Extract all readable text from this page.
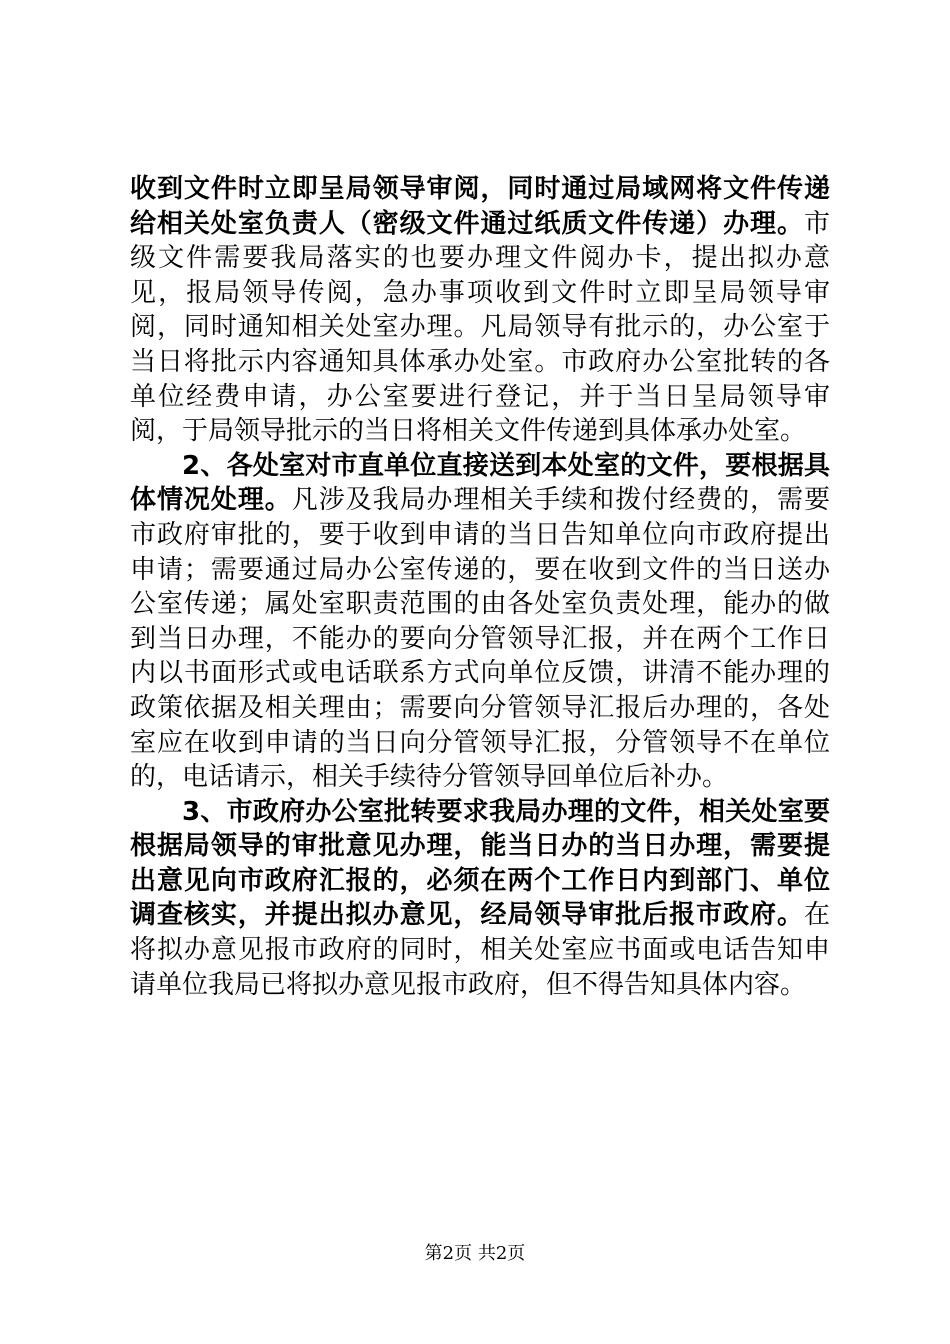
收到文件时立即呈局领导审阅，同时通过局域网将文件传递给相关处室负责人（密级文件通过纸质文件传递）办理。市级文件需要我局落实的也要办理文件阅办卡，提出拟办意见，报局领导传阅，急办事项收到文件时立即呈局领导审阅，同时通知相关处室办理。凡局领导有批示的，办公室于当日将批示内容通知具体承办处室。市政府办公室批转的各单位经费申请，办公室要进行登记，并于当日呈局领导审阅，于局领导批示的当日将相关文件传递到具体承办处室。

2、各处室对市直单位直接送到本处室的文件，要根据具体情况处理。凡涉及我局办理相关手续和拨付经费的，需要市政府审批的，要于收到申请的当日告知单位向市政府提出申请；需要通过局办公室传递的，要在收到文件的当日送办公室传递；属处室职责范围的由各处室负责处理，能办的做到当日办理，不能办的要向分管领导汇报，并在两个工作日内以书面形式或电话联系方式向单位反馈，讲清不能办理的政策依据及相关理由；需要向分管领导汇报后办理的，各处室应在收到申请的当日向分管领导汇报，分管领导不在单位的，电话请示，相关手续待分管领导回单位后补办。

3、市政府办公室批转要求我局办理的文件，相关处室要根据局领导的审批意见办理，能当日办的当日办理，需要提出意见向市政府汇报的，必须在两个工作日内到部门、单位调查核实，并提出拟办意见，经局领导审批后报市政府。在将拟办意见报市政府的同时，相关处室应书面或电话告知申请单位我局已将拟办意见报市政府，但不得告知具体内容。

第2页 共2页
